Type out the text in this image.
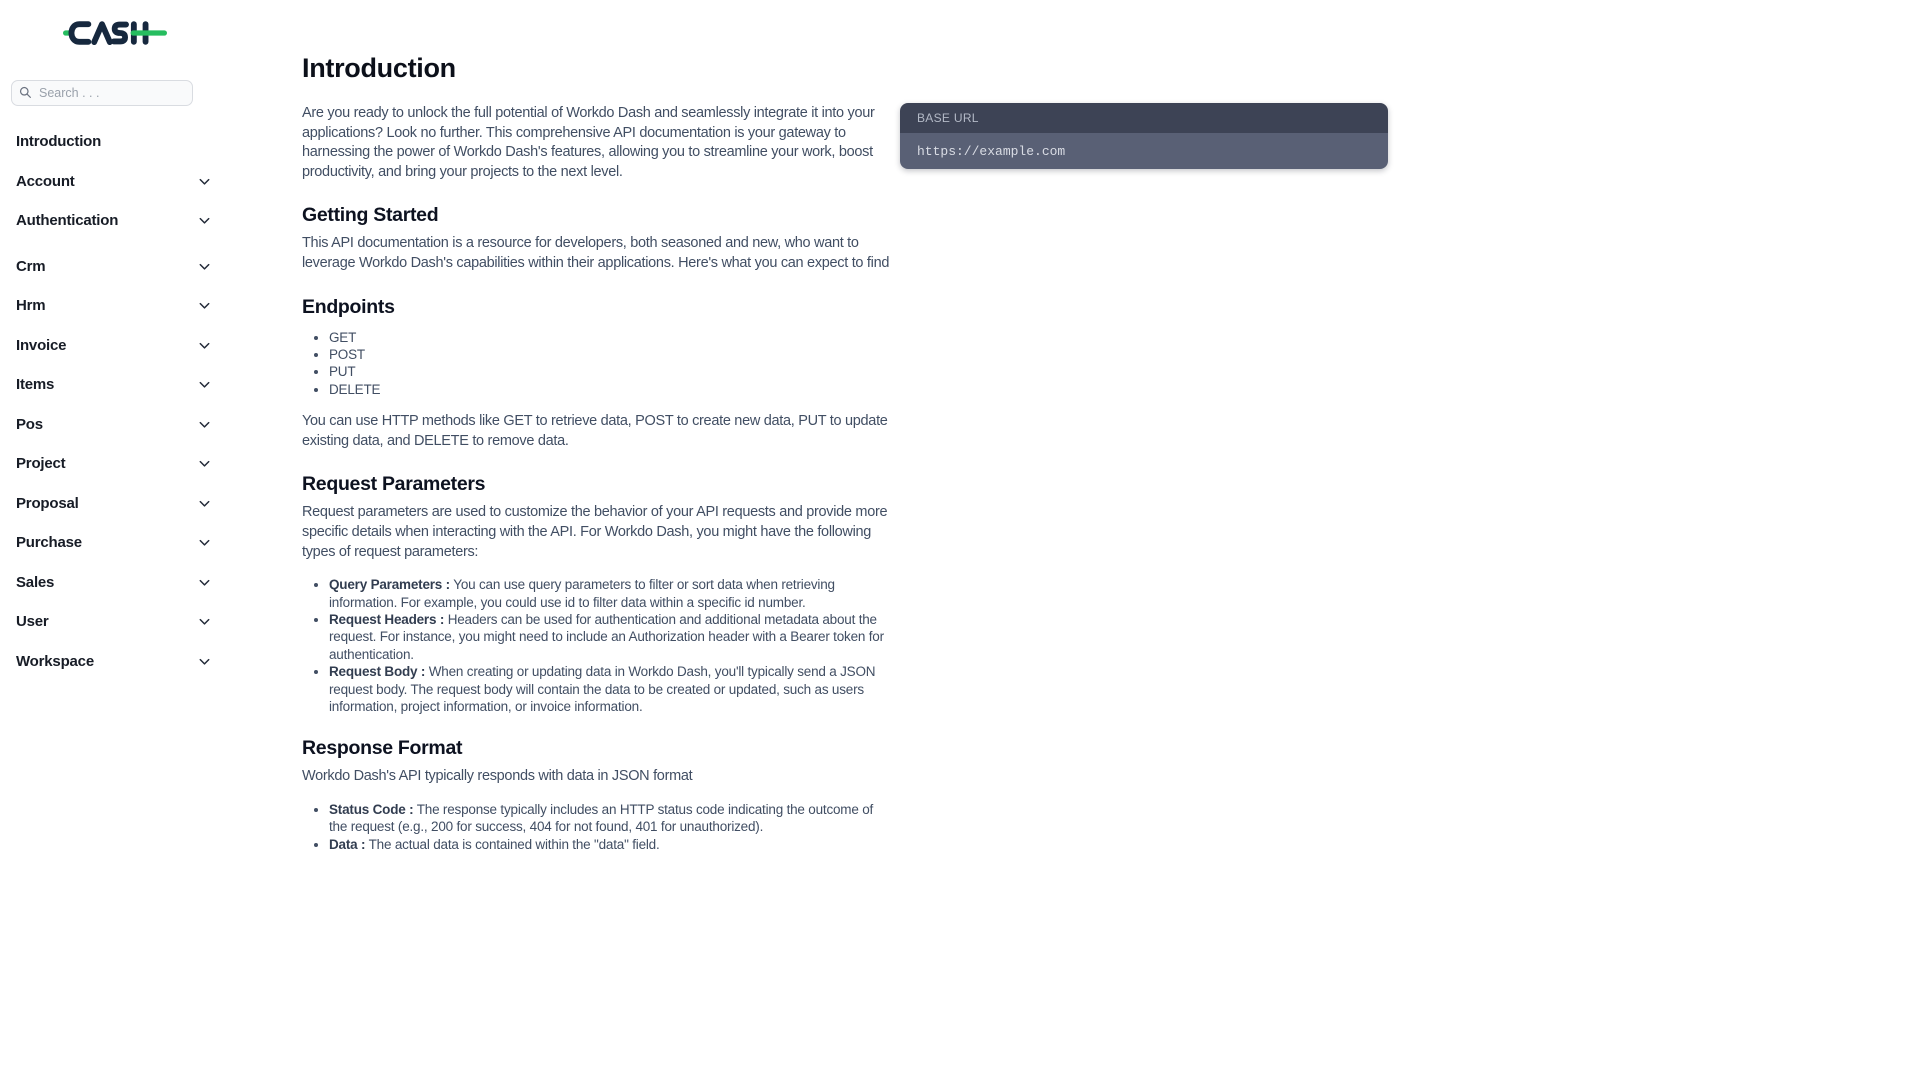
Search . . .
Introduction
Account
Authentication
Crm
Hrm
Invoice
Items
Pos
Project
Proposal
Purchase
Sales
User
Workspace
Introduction

Are you ready to unlock the full potential of Workdo Dash and seamlessly integrate it into your applications? Look no further. This comprehensive API documentation is your gateway to harnessing the power of Workdo Dash's features, allowing you to streamline your work, boost productivity, and bring your projects to the next level.

Getting Started

This API documentation is a resource for developers, both seasoned and new, who want to leverage Workdo Dash's capabilities within their applications. Here's what you can expect to find

Endpoints
• GET
• POST
• PUT
• DELETE

You can use HTTP methods like GET to retrieve data, POST to create new data, PUT to update existing data, and DELETE to remove data.

Request Parameters

Request parameters are used to customize the behavior of your API requests and provide more specific details when interacting with the API. For Workdo Dash, you might have the following types of request parameters:

• Query Parameters : You can use query parameters to filter or sort data when retrieving information. For example, you could use id to filter data within a specific id number.
• Request Headers : Headers can be used for authentication and additional metadata about the request. For instance, you might need to include an Authorization header with a Bearer token for authentication.
• Request Body : When creating or updating data in Workdo Dash, you'll typically send a JSON request body. The request body will contain the data to be created or updated, such as users information, project information, or invoice information.
Response Format

Workdo Dash's API typically responds with data in JSON format

• Status Code : The response typically includes an HTTP status code indicating the outcome of the request (e.g., 200 for success, 404 for not found, 401 for unauthorized).
• Data : The actual data is contained within the "data" field.
BASE URL
https://example.com
